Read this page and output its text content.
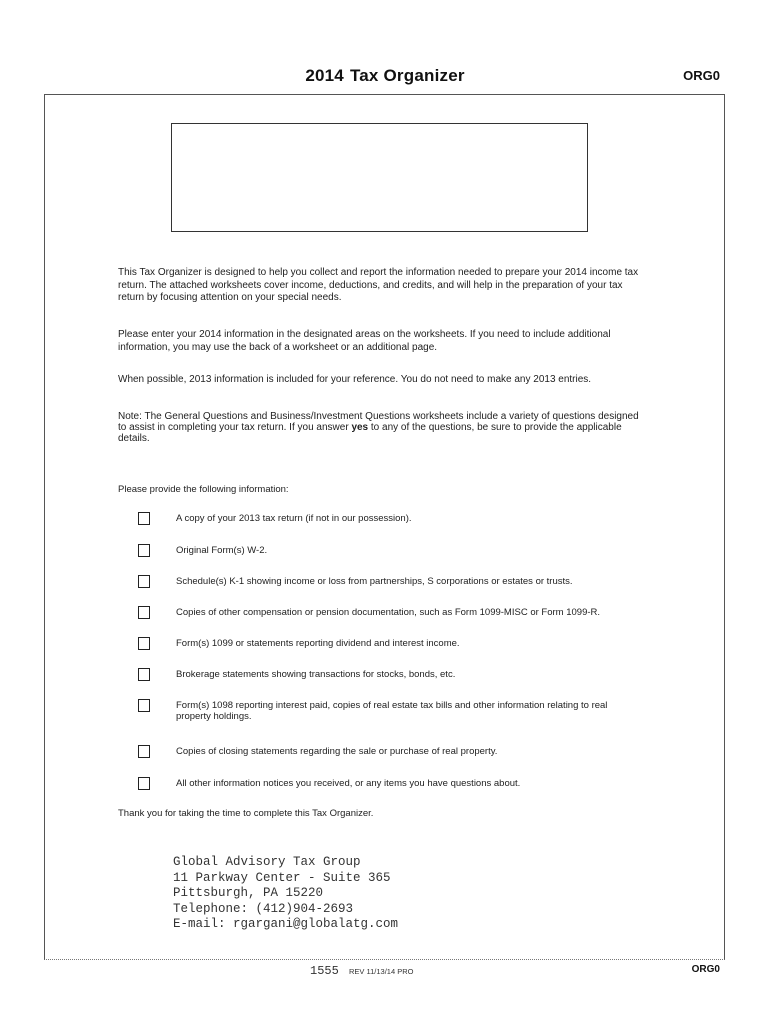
2014 Tax Organizer	ORG0
This Tax Organizer is designed to help you collect and report the information needed to prepare your 2014 income tax return. The attached worksheets cover income, deductions, and credits, and will help in the preparation of your tax return by focusing attention on your special needs.
Please enter your 2014 information in the designated areas on the worksheets. If you need to include additional information, you may use the back of a worksheet or an additional page.
When possible, 2013 information is included for your reference. You do not need to make any 2013 entries.
Note: The General Questions and Business/Investment Questions worksheets include a variety of questions designed to assist in completing your tax return. If you answer yes to any of the questions, be sure to provide the applicable details.
Please provide the following information:
A copy of your 2013 tax return (if not in our possession).
Original Form(s) W-2.
Schedule(s) K-1 showing income or loss from partnerships, S corporations or estates or trusts.
Copies of other compensation or pension documentation, such as Form 1099-MISC or Form 1099-R.
Form(s) 1099 or statements reporting dividend and interest income.
Brokerage statements showing transactions for stocks, bonds, etc.
Form(s) 1098 reporting interest paid, copies of real estate tax bills and other information relating to real property holdings.
Copies of closing statements regarding the sale or purchase of real property.
All other information notices you received, or any items you have questions about.
Thank you for taking the time to complete this Tax Organizer.
Global Advisory Tax Group
11 Parkway Center - Suite 365
Pittsburgh, PA 15220
Telephone: (412)904-2693
E-mail: rgargani@globalatg.com
1555 REV 11/13/14 PRO	ORG0
